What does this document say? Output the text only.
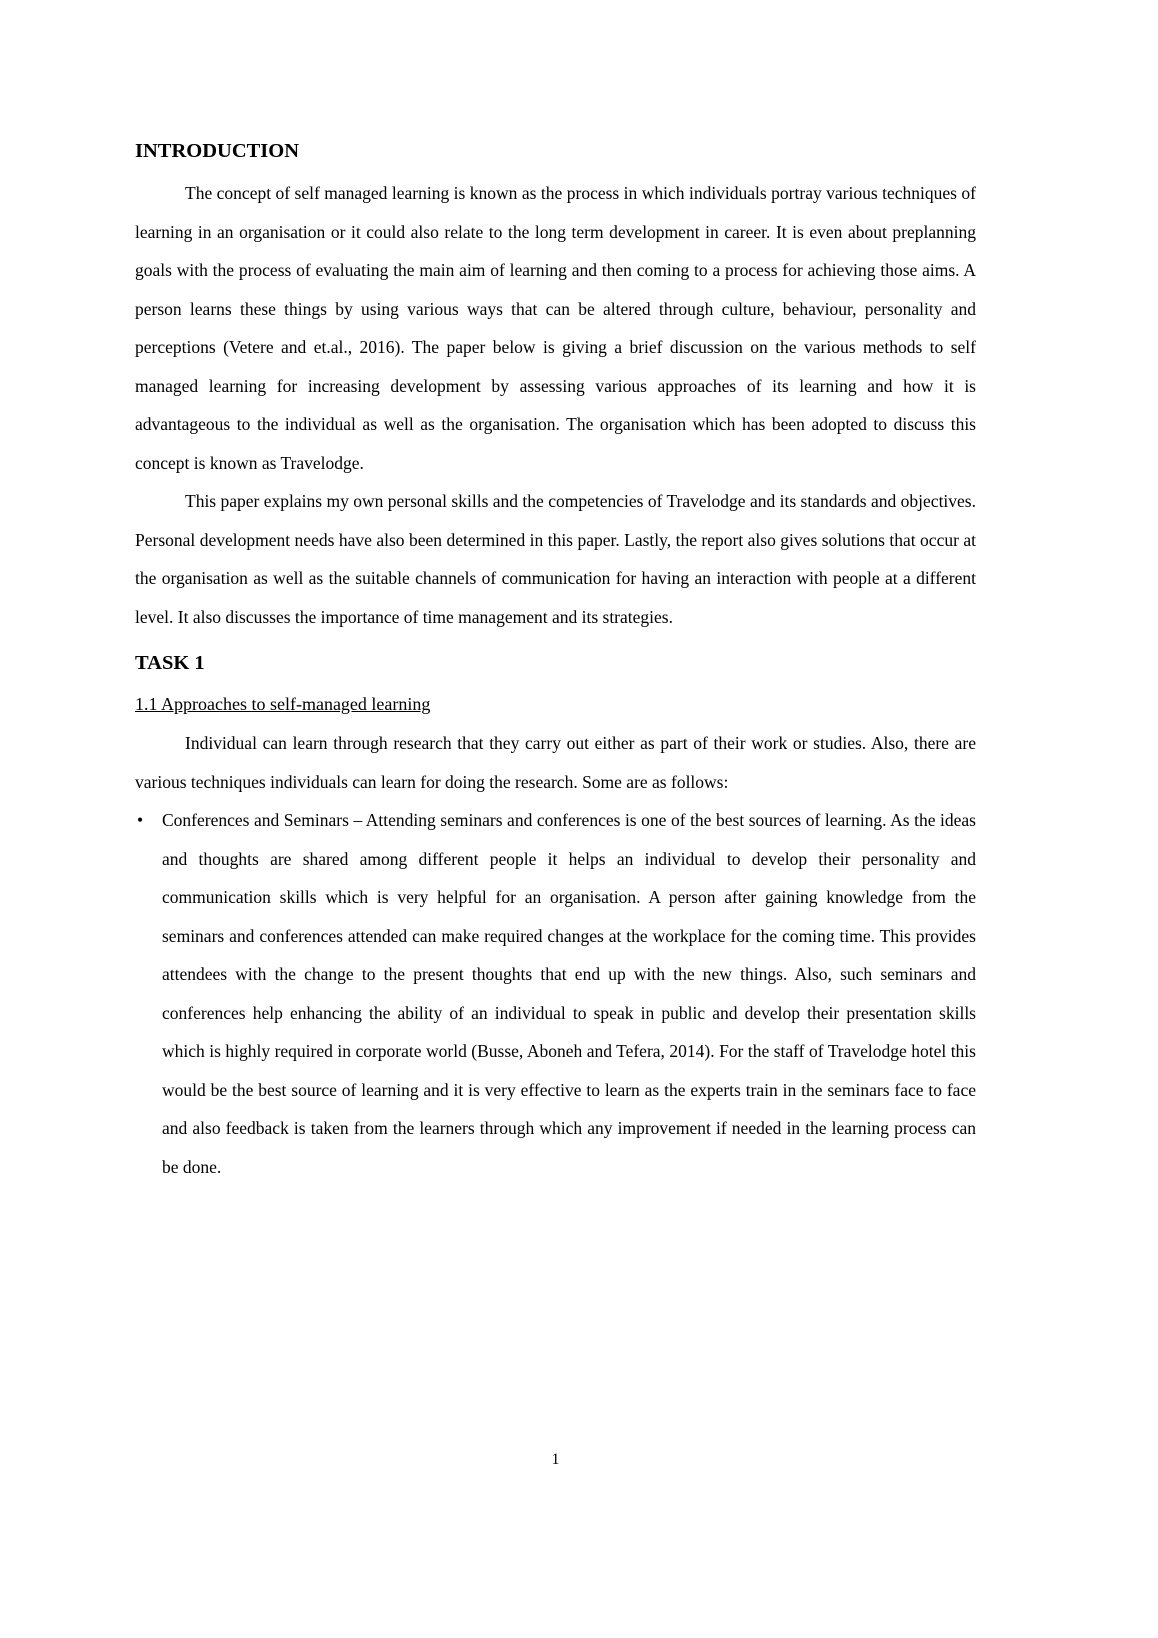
INTRODUCTION

The concept of self managed learning is known as the process in which individuals portray various techniques of learning in an organisation or it could also relate to the long term development in career. It is even about preplanning goals with the process of evaluating the main aim of learning and then coming to a process for achieving those aims. A person learns these things by using various ways that can be altered through culture, behaviour, personality and perceptions (Vetere and et.al., 2016). The paper below is giving a brief discussion on the various methods to self managed learning for increasing development by assessing various approaches of its learning and how it is advantageous to the individual as well as the organisation. The organisation which has been adopted to discuss this concept is known as Travelodge.

This paper explains my own personal skills and the competencies of Travelodge and its standards and objectives. Personal development needs have also been determined in this paper. Lastly, the report also gives solutions that occur at the organisation as well as the suitable channels of communication for having an interaction with people at a different level. It also discusses the importance of time management and its strategies.

TASK 1
1.1 Approaches to self-managed learning

Individual can learn through research that they carry out either as part of their work or studies. Also, there are various techniques individuals can learn for doing the research. Some are as follows:

• Conferences and Seminars – Attending seminars and conferences is one of the best sources of learning. As the ideas and thoughts are shared among different people it helps an individual to develop their personality and communication skills which is very helpful for an organisation. A person after gaining knowledge from the seminars and conferences attended can make required changes at the workplace for the coming time. This provides attendees with the change to the present thoughts that end up with the new things. Also, such seminars and conferences help enhancing the ability of an individual to speak in public and develop their presentation skills which is highly required in corporate world (Busse, Aboneh and Tefera, 2014). For the staff of Travelodge hotel this would be the best source of learning and it is very effective to learn as the experts train in the seminars face to face and also feedback is taken from the learners through which any improvement if needed in the learning process can be done.
1
